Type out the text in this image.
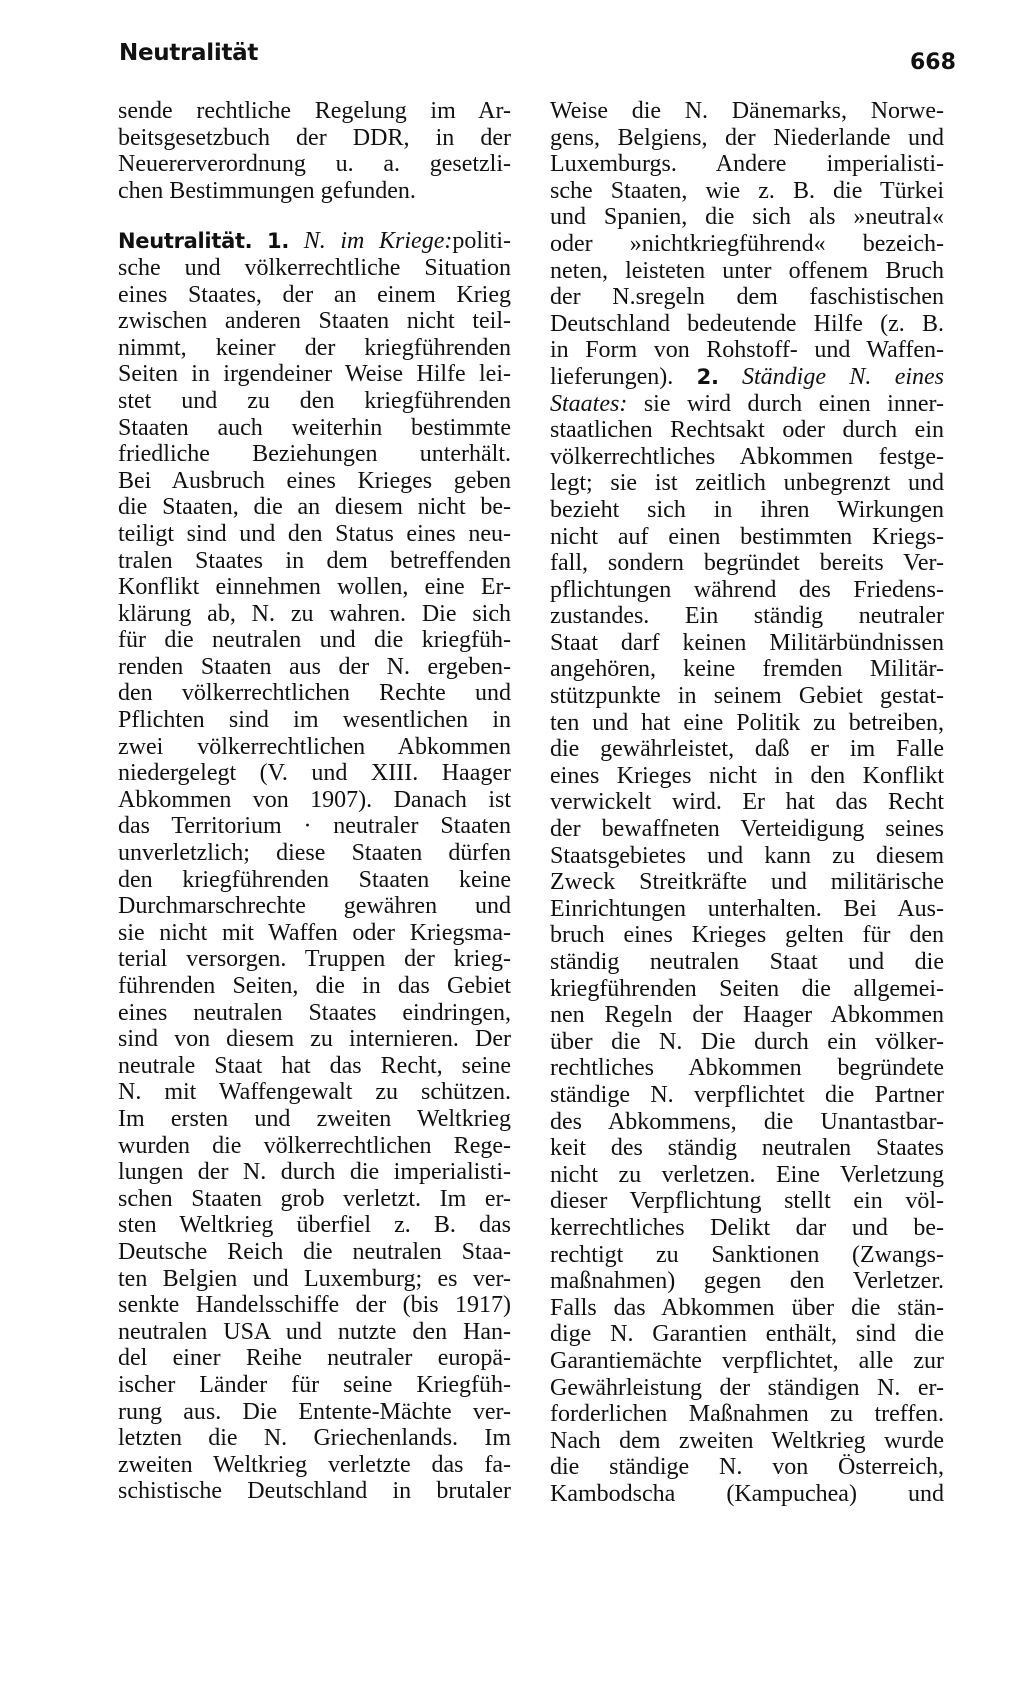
Neutralität	668
sende rechtliche Regelung im Ar-
beitsgesetzbuch der DDR, in der
Neuererverordnung u. a. gesetzli-
chen Bestimmungen gefunden.
Neutralität. 1. N. im Kriege:politi-
sche und völkerrechtliche Situation
eines Staates, der an einem Krieg
zwischen anderen Staaten nicht teil-
nimmt, keiner der kriegführenden
Seiten in irgendeiner Weise Hilfe lei-
stet und zu den kriegführenden
Staaten auch weiterhin bestimmte
friedliche Beziehungen unterhält.
Bei Ausbruch eines Krieges geben
die Staaten, die an diesem nicht be-
teiligt sind und den Status eines neu-
tralen Staates in dem betreffenden
Konflikt einnehmen wollen, eine Er-
klärung ab, N. zu wahren. Die sich
für die neutralen und die kriegfüh-
renden Staaten aus der N. ergeben-
den völkerrechtlichen Rechte und
Pflichten sind im wesentlichen in
zwei völkerrechtlichen Abkommen
niedergelegt (V. und XIII. Haager
Abkommen von 1907). Danach ist
das Territorium · neutraler Staaten
unverletzlich; diese Staaten dürfen
den kriegführenden Staaten keine
Durchmarschrechte gewähren und
sie nicht mit Waffen oder Kriegsma-
terial versorgen. Truppen der krieg-
führenden Seiten, die in das Gebiet
eines neutralen Staates eindringen,
sind von diesem zu internieren. Der
neutrale Staat hat das Recht, seine
N. mit Waffengewalt zu schützen.
Im ersten und zweiten Weltkrieg
wurden die völkerrechtlichen Rege-
lungen der N. durch die imperialisti-
schen Staaten grob verletzt. Im er-
sten Weltkrieg überfiel z. B. das
Deutsche Reich die neutralen Staa-
ten Belgien und Luxemburg; es ver-
senkte Handelsschiffe der (bis 1917)
neutralen USA und nutzte den Han-
del einer Reihe neutraler europä-
ischer Länder für seine Kriegfüh-
rung aus. Die Entente-Mächte ver-
letzten die N. Griechenlands. Im
zweiten Weltkrieg verletzte das fa-
schistische Deutschland in brutaler
Weise die N. Dänemarks, Norwe-
gens, Belgiens, der Niederlande und
Luxemburgs. Andere imperialisti-
sche Staaten, wie z. B. die Türkei
und Spanien, die sich als »neutral«
oder »nichtkriegführend« bezeich-
neten, leisteten unter offenem Bruch
der N.sregeln dem faschistischen
Deutschland bedeutende Hilfe (z. B.
in Form von Rohstoff- und Waffen-
lieferungen). 2. Ständige N. eines
Staates: sie wird durch einen inner-
staatlichen Rechtsakt oder durch ein
völkerrechtliches Abkommen festge-
legt; sie ist zeitlich unbegrenzt und
bezieht sich in ihren Wirkungen
nicht auf einen bestimmten Kriegs-
fall, sondern begründet bereits Ver-
pflichtungen während des Friedens-
zustandes. Ein ständig neutraler
Staat darf keinen Militärbündnissen
angehören, keine fremden Militär-
stützpunkte in seinem Gebiet gestat-
ten und hat eine Politik zu betreiben,
die gewährleistet, daß er im Falle
eines Krieges nicht in den Konflikt
verwickelt wird. Er hat das Recht
der bewaffneten Verteidigung seines
Staatsgebietes und kann zu diesem
Zweck Streitkräfte und militärische
Einrichtungen unterhalten. Bei Aus-
bruch eines Krieges gelten für den
ständig neutralen Staat und die
kriegführenden Seiten die allgemei-
nen Regeln der Haager Abkommen
über die N. Die durch ein völker-
rechtliches Abkommen begründete
ständige N. verpflichtet die Partner
des Abkommens, die Unantastbar-
keit des ständig neutralen Staates
nicht zu verletzen. Eine Verletzung
dieser Verpflichtung stellt ein völ-
kerrechtliches Delikt dar und be-
rechtigt zu Sanktionen (Zwangs-
maßnahmen) gegen den Verletzer.
Falls das Abkommen über die stän-
dige N. Garantien enthält, sind die
Garantiemächte verpflichtet, alle zur
Gewährleistung der ständigen N. er-
forderlichen Maßnahmen zu treffen.
Nach dem zweiten Weltkrieg wurde
die ständige N. von Österreich,
Kambodscha (Kampuchea) und
